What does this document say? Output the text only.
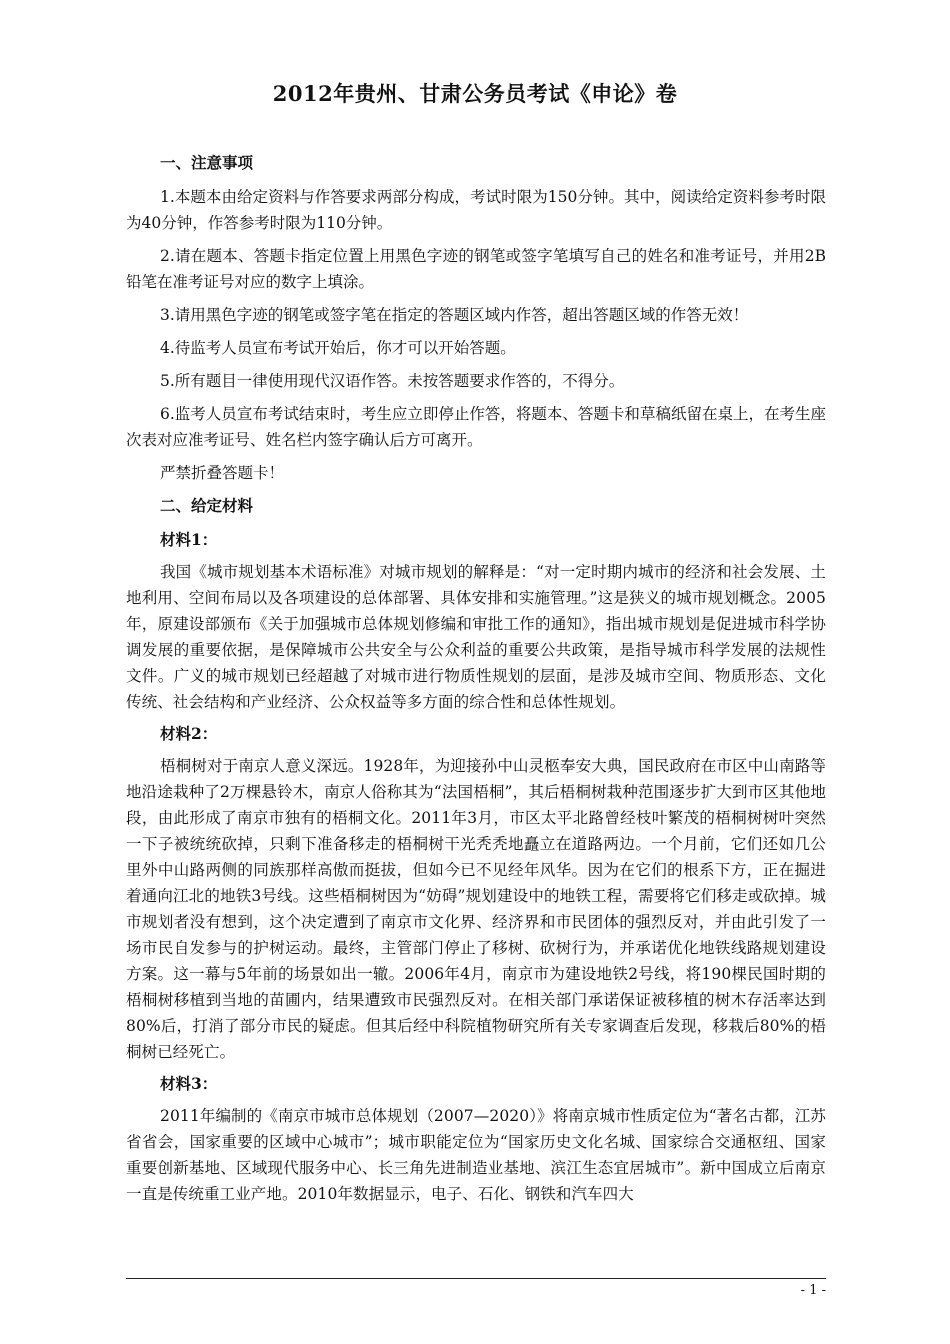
2012年贵州、甘肃公务员考试《申论》卷
一、注意事项

1.本题本由给定资料与作答要求两部分构成，考试时限为150分钟。其中，阅读给定资料参考时限为40分钟，作答参考时限为110分钟。

2.请在题本、答题卡指定位置上用黑色字迹的钢笔或签字笔填写自己的姓名和准考证号，并用2B铅笔在准考证号对应的数字上填涂。

3.请用黑色字迹的钢笔或签字笔在指定的答题区域内作答，超出答题区域的作答无效！

4.待监考人员宣布考试开始后，你才可以开始答题。

5.所有题目一律使用现代汉语作答。未按答题要求作答的，不得分。

6.监考人员宣布考试结束时，考生应立即停止作答，将题本、答题卡和草稿纸留在桌上，在考生座次表对应准考证号、姓名栏内签字确认后方可离开。

严禁折叠答题卡！

二、给定材料
材料1：

我国《城市规划基本术语标准》对城市规划的解释是：“对一定时期内城市的经济和社会发展、土地利用、空间布局以及各项建设的总体部署、具体安排和实施管理。”这是狭义的城市规划概念。2005年，原建设部颁布《关于加强城市总体规划修编和审批工作的通知》，指出城市规划是促进城市科学协调发展的重要依据，是保障城市公共安全与公众利益的重要公共政策，是指导城市科学发展的法规性文件。广义的城市规划已经超越了对城市进行物质性规划的层面，是涉及城市空间、物质形态、文化传统、社会结构和产业经济、公众权益等多方面的综合性和总体性规划。

材料2：

梧桐树对于南京人意义深远。1928年，为迎接孙中山灵柩奉安大典，国民政府在市区中山南路等地沿途栽种了2万棵悬铃木，南京人俗称其为“法国梧桐”，其后梧桐树栽种范围逐步扩大到市区其他地段，由此形成了南京市独有的梧桐文化。2011年3月，市区太平北路曾经枝叶繁茂的梧桐树树叶突然一下子被统统砍掉，只剩下准备移走的梧桐树干光秃秃地矗立在道路两边。一个月前，它们还如几公里外中山路两侧的同族那样高傲而挺拔，但如今已不见经年风华。因为在它们的根系下方，正在掘进着通向江北的地铁3号线。这些梧桐树因为“妨碍”规划建设中的地铁工程，需要将它们移走或砍掉。城市规划者没有想到，这个决定遭到了南京市文化界、经济界和市民团体的强烈反对，并由此引发了一场市民自发参与的护树运动。最终，主管部门停止了移树、砍树行为，并承诺优化地铁线路规划建设方案。这一幕与5年前的场景如出一辙。2006年4月，南京市为建设地铁2号线，将190棵民国时期的梧桐树移植到当地的苗圃内，结果遭致市民强烈反对。在相关部门承诺保证被移植的树木存活率达到80%后，打消了部分市民的疑虑。但其后经中科院植物研究所有关专家调查后发现，移栽后80%的梧桐树已经死亡。

材料3：

2011年编制的《南京市城市总体规划（2007—2020）》将南京城市性质定位为“著名古都，江苏省省会，国家重要的区域中心城市”；城市职能定位为“国家历史文化名城、国家综合交通枢纽、国家重要创新基地、区域现代服务中心、长三角先进制造业基地、滨江生态宜居城市”。新中国成立后南京一直是传统重工业产地。2010年数据显示，电子、石化、钢铁和汽车四大

- 1 -
